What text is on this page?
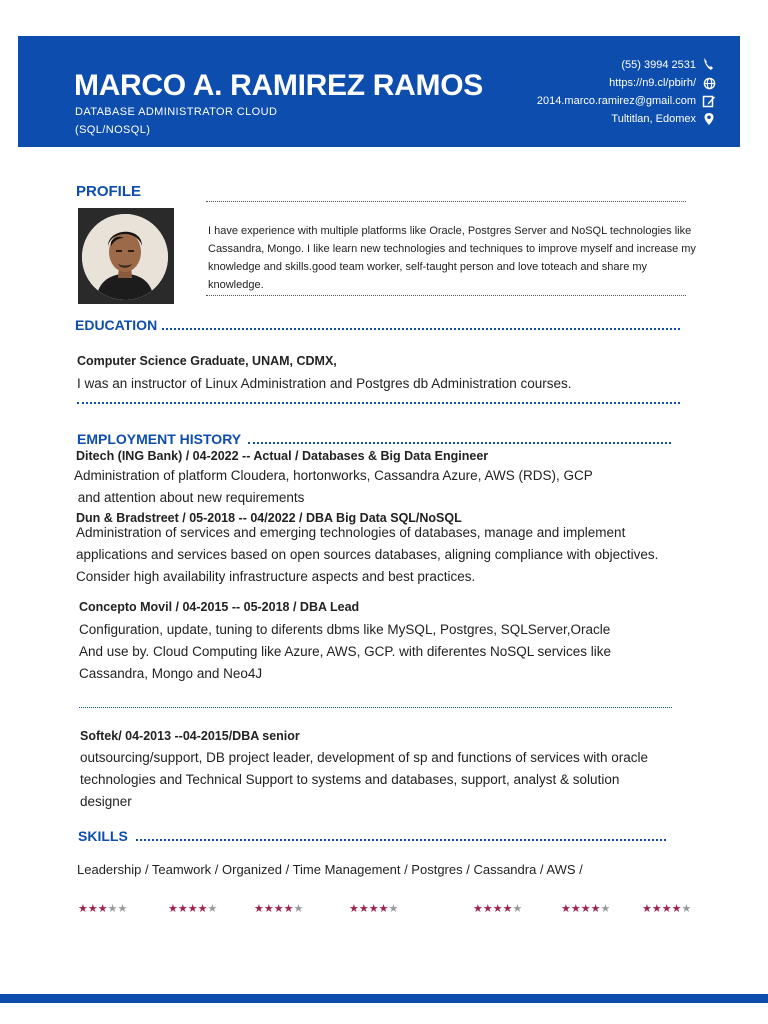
MARCO A. RAMIREZ RAMOS
DATABASE ADMINISTRATOR CLOUD
(SQL/NOSQL)
(55) 3994 2531
https://n9.cl/pbirh/
2014.marco.ramirez@gmail.com
Tultitlan, Edomex
PROFILE
I have experience with multiple platforms like Oracle, Postgres Server and NoSQL technologies like Cassandra, Mongo. I like learn new technologies and techniques to improve myself and increase my knowledge and skills.good team worker, self-taught person and love toteach and share my knowledge.
EDUCATION
Computer Science Graduate, UNAM, CDMX,
I was an instructor of Linux Administration and Postgres db Administration courses.
EMPLOYMENT HISTORY
Ditech (ING Bank) / 04-2022 -- Actual / Databases & Big Data Engineer
Administration of platform Cloudera, hortonworks, Cassandra Azure, AWS (RDS), GCP
and attention about new requirements
Dun & Bradstreet / 05-2018 -- 04/2022 / DBA Big Data SQL/NoSQL
Administration of services and emerging technologies of databases, manage and implement
applications and services based on open sources databases, aligning compliance with objectives.
Consider high availability infrastructure aspects and best practices.
Concepto Movil / 04-2015 -- 05-2018 / DBA Lead
Configuration, update, tuning to diferents dbms like MySQL, Postgres, SQLServer,Oracle
And use by. Cloud Computing like Azure, AWS, GCP. with diferentes NoSQL services like
Cassandra, Mongo and Neo4J
Softek/ 04-2013 --04-2015/DBA senior
outsourcing/support, DB project leader, development of sp and functions of services with oracle
technologies and Technical Support to systems and databases, support, analyst & solution
designer
SKILLS
Leadership / Teamwork / Organized / Time Management / Postgres / Cassandra / AWS /
★★★★★	★★★★★	★★★★★	★★★★★	★★★★★	★★★★★	★★★★★
